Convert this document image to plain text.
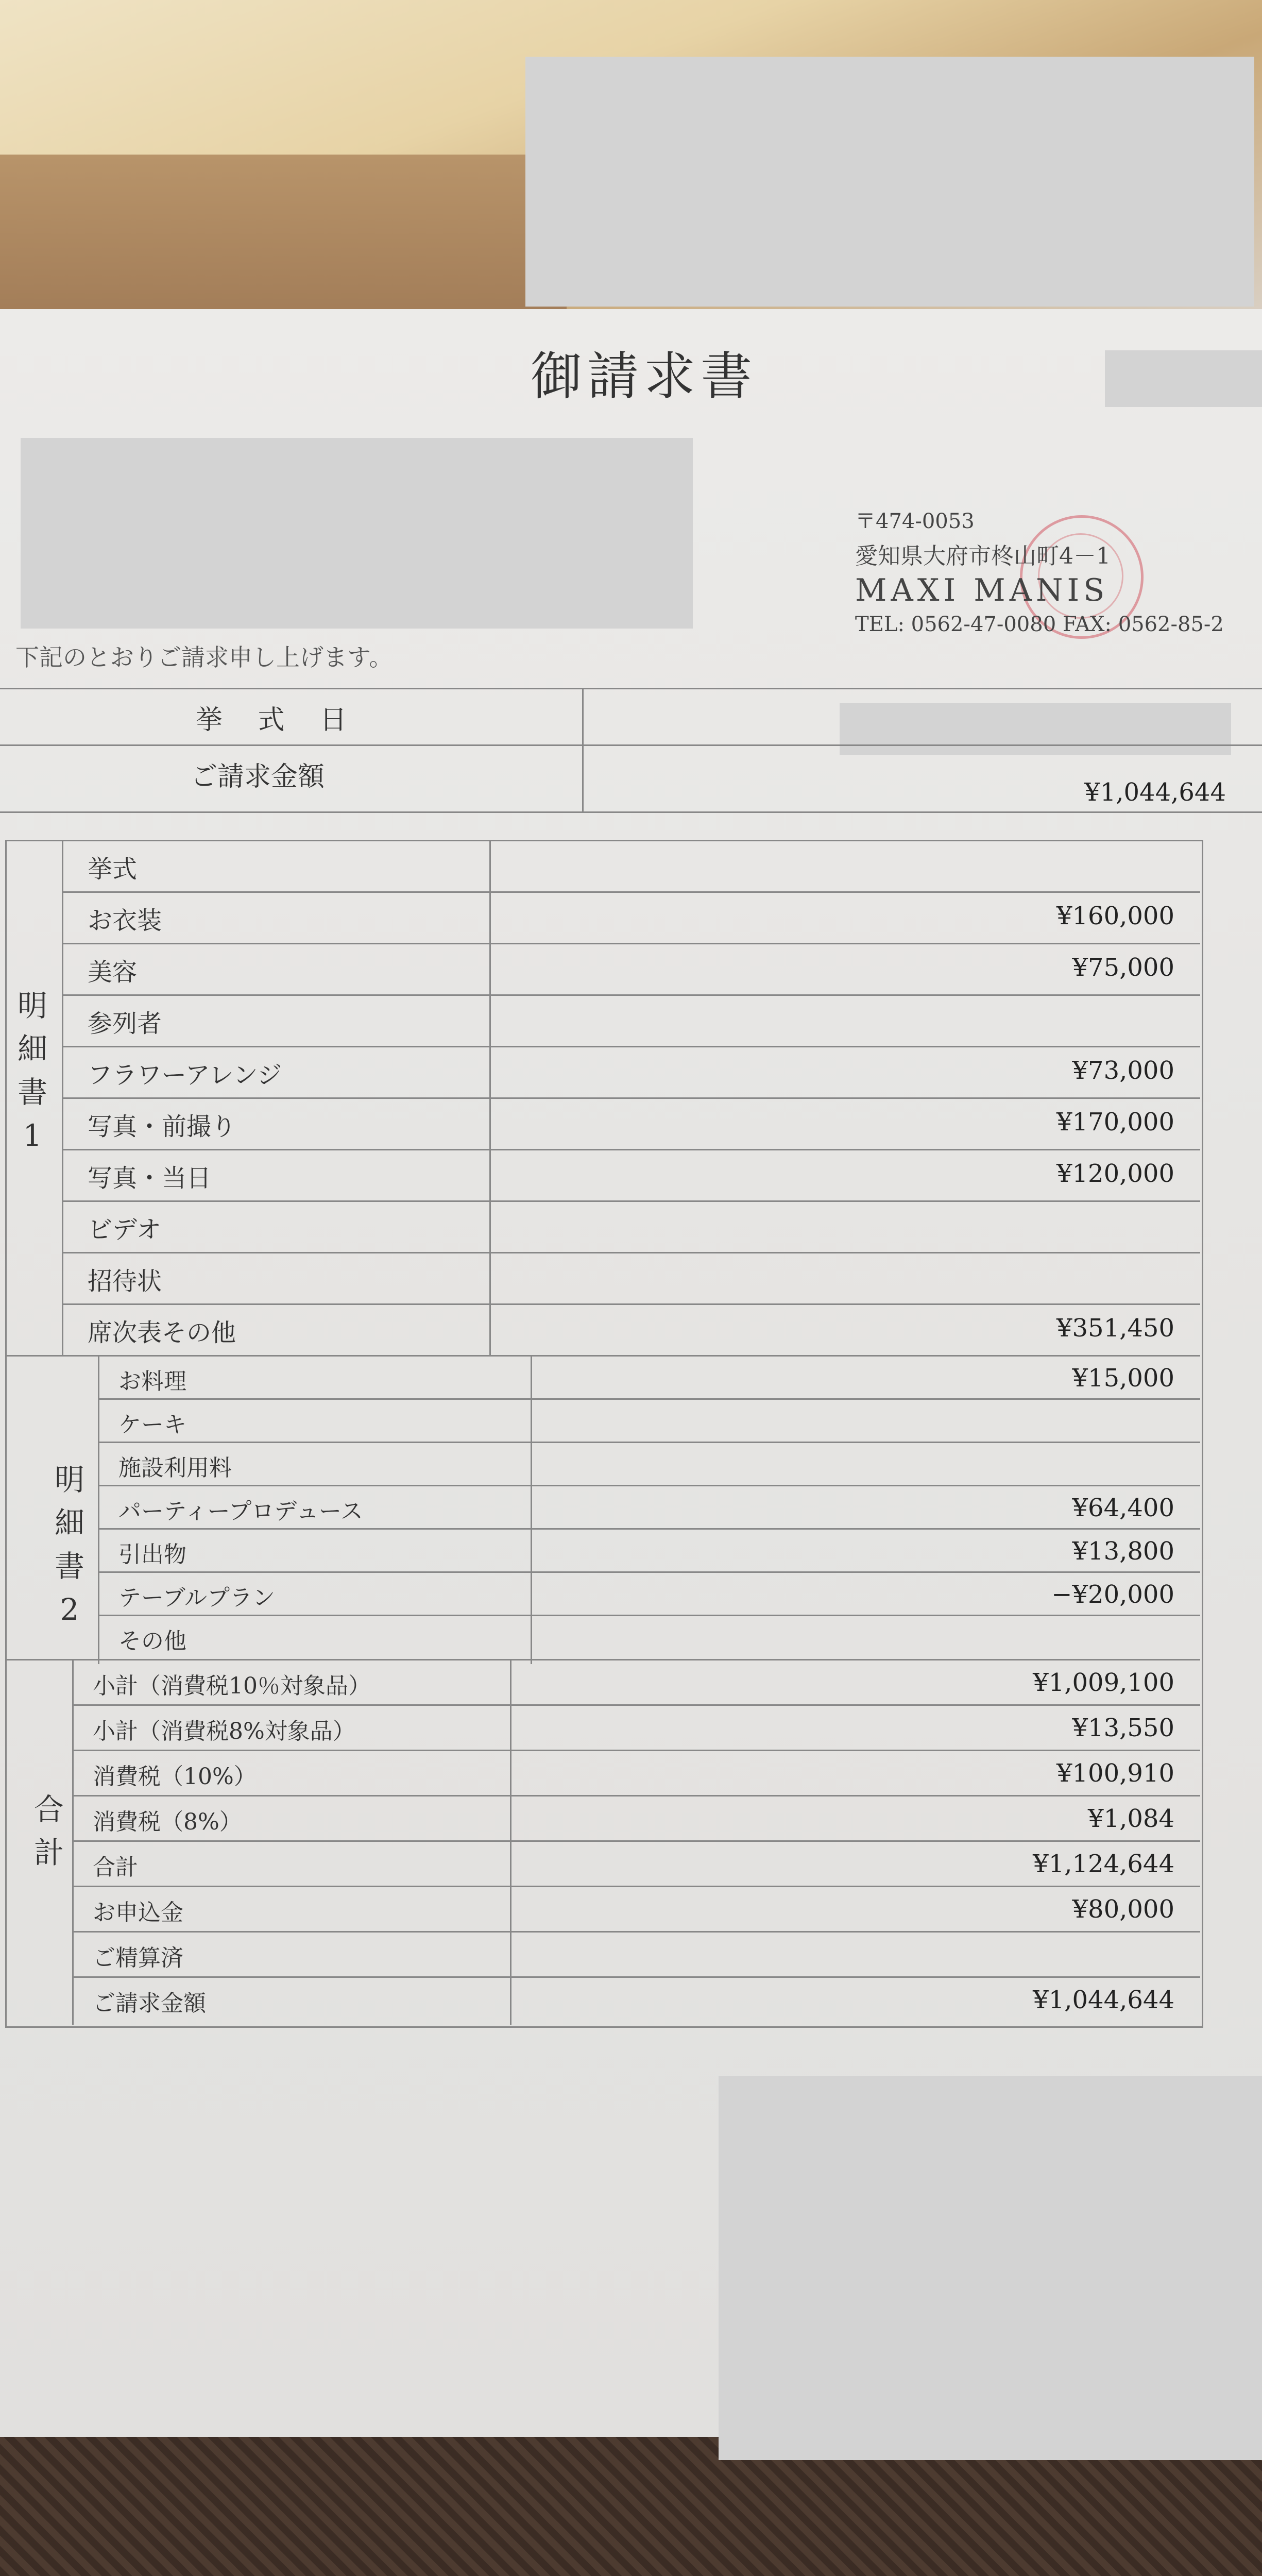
御請求書
〒474-0053
愛知県大府市柊山町4－1
MAXI MANIS
TEL: 0562-47-0080 FAX: 0562-85-2
下記のとおりご請求申し上げます。
挙 式 日
ご請求金額	¥1,044,644
明
細
書
1
挙式
お衣装	¥160,000
美容	¥75,000
参列者
フラワーアレンジ	¥73,000
写真・前撮り	¥170,000
写真・当日	¥120,000
ビデオ
招待状
席次表その他	¥351,450
明
細
書
2
お料理	¥15,000
ケーキ
施設利用料
パーティープロデュース	¥64,400
引出物	¥13,800
テーブルプラン	−¥20,000
その他
合
計
小計（消費税10％対象品）	¥1,009,100
小計（消費税8%対象品）	¥13,550
消費税（10%）	¥100,910
消費税（8%）	¥1,084
合計	¥1,124,644
お申込金	¥80,000
ご精算済
ご請求金額	¥1,044,644
